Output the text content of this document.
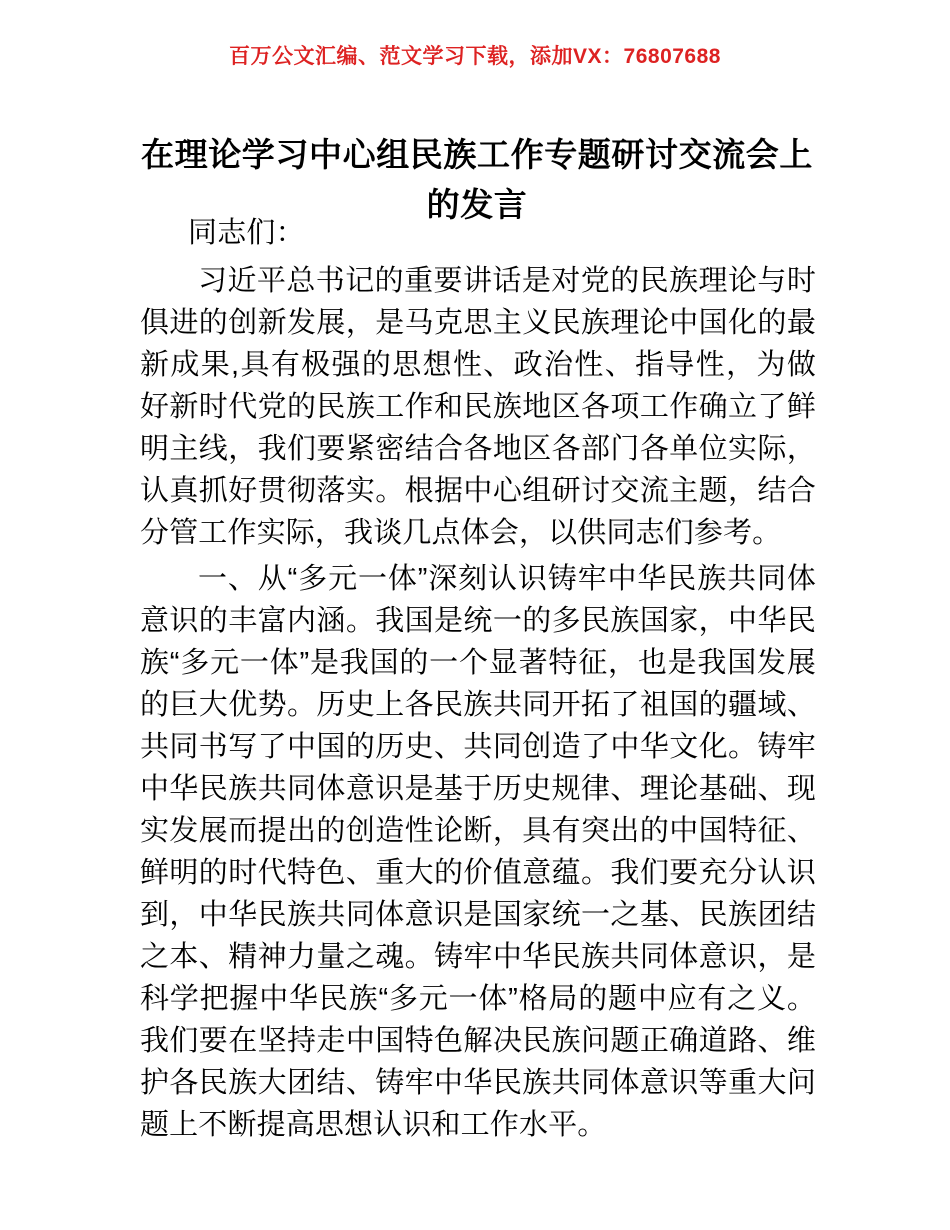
百万公文汇编、范文学习下载，添加VX：76807688
在理论学习中心组民族工作专题研讨交流会上的发言

同志们：

习近平总书记的重要讲话是对党的民族理论与时俱进的创新发展，是马克思主义民族理论中国化的最新成果,具有极强的思想性、政治性、指导性，为做好新时代党的民族工作和民族地区各项工作确立了鲜明主线，我们要紧密结合各地区各部门各单位实际，认真抓好贯彻落实。根据中心组研讨交流主题，结合分管工作实际，我谈几点体会，以供同志们参考。

一、从“多元一体”深刻认识铸牢中华民族共同体意识的丰富内涵。我国是统一的多民族国家，中华民族“多元一体”是我国的一个显著特征，也是我国发展的巨大优势。历史上各民族共同开拓了祖国的疆域、共同书写了中国的历史、共同创造了中华文化。铸牢中华民族共同体意识是基于历史规律、理论基础、现实发展而提出的创造性论断，具有突出的中国特征、鲜明的时代特色、重大的价值意蕴。我们要充分认识到，中华民族共同体意识是国家统一之基、民族团结之本、精神力量之魂。铸牢中华民族共同体意识，是科学把握中华民族“多元一体”格局的题中应有之义。我们要在坚持走中国特色解决民族问题正确道路、维护各民族大团结、铸牢中华民族共同体意识等重大问题上不断提高思想认识和工作水平。
